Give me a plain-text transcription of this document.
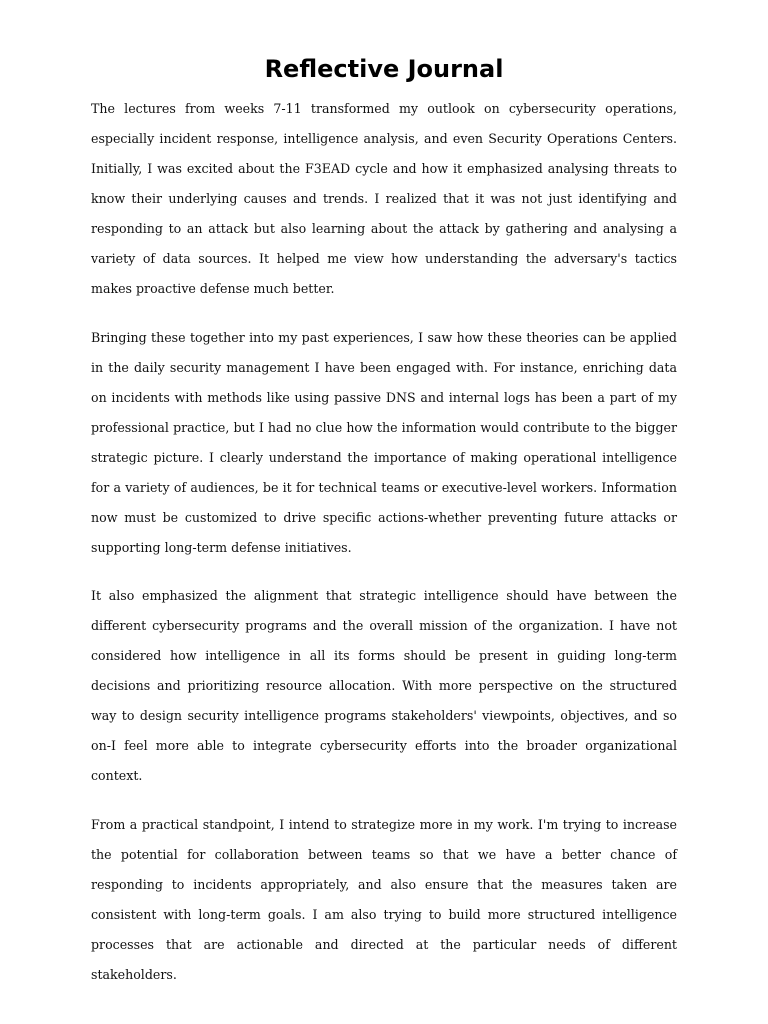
Reflective Journal

The lectures from weeks 7-11 transformed my outlook on cybersecurity operations, especially incident response, intelligence analysis, and even Security Operations Centers. Initially, I was excited about the F3EAD cycle and how it emphasized analysing threats to know their underlying causes and trends. I realized that it was not just identifying and responding to an attack but also learning about the attack by gathering and analysing a variety of data sources. It helped me view how understanding the adversary's tactics makes proactive defense much better.

Bringing these together into my past experiences, I saw how these theories can be applied in the daily security management I have been engaged with. For instance, enriching data on incidents with methods like using passive DNS and internal logs has been a part of my professional practice, but I had no clue how the information would contribute to the bigger strategic picture. I clearly understand the importance of making operational intelligence for a variety of audiences, be it for technical teams or executive-level workers. Information now must be customized to drive specific actions-whether preventing future attacks or supporting long-term defense initiatives.

It also emphasized the alignment that strategic intelligence should have between the different cybersecurity programs and the overall mission of the organization. I have not considered how intelligence in all its forms should be present in guiding long-term decisions and prioritizing resource allocation. With more perspective on the structured way to design security intelligence programs stakeholders' viewpoints, objectives, and so on-I feel more able to integrate cybersecurity efforts into the broader organizational context.

From a practical standpoint, I intend to strategize more in my work. I'm trying to increase the potential for collaboration between teams so that we have a better chance of responding to incidents appropriately, and also ensure that the measures taken are consistent with long-term goals. I am also trying to build more structured intelligence processes that are actionable and directed at the particular needs of different stakeholders.
